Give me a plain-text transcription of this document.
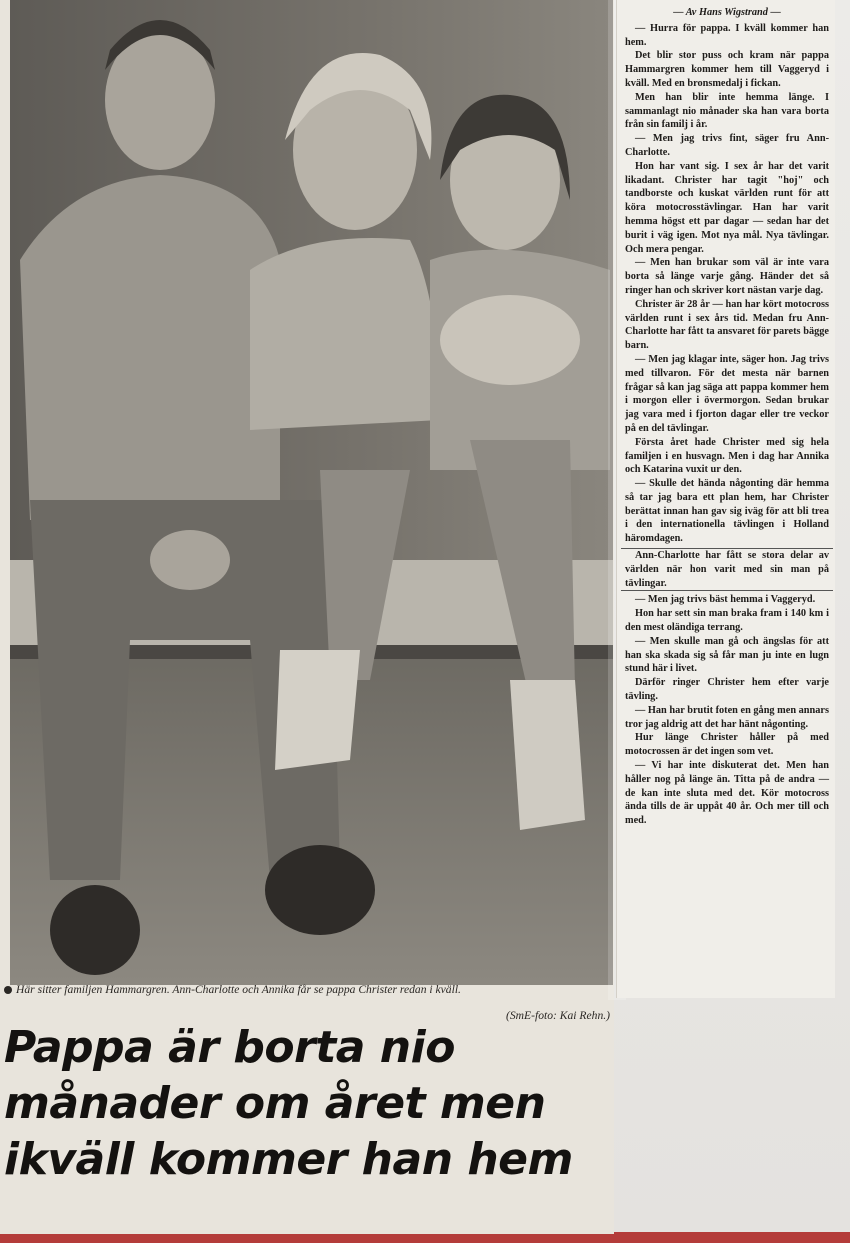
Här sitter familjen Hammargren. Ann-Charlotte och Annika får se pappa Christer redan i kväll.
(SmE-foto: Kai Rehn.)
Pappa är borta nio
månader om året men
ikväll kommer han hem

— Av Hans Wigstrand —

— Hurra för pappa. I kväll kommer han hem.

Det blir stor puss och kram när pappa Hammargren kommer hem till Vaggeryd i kväll. Med en bronsmedalj i fickan.

Men han blir inte hemma länge. I sammanlagt nio månader ska han vara borta från sin familj i år.

— Men jag trivs fint, säger fru Ann-Charlotte.

Hon har vant sig. I sex år har det varit likadant. Christer har tagit "hoj" och tandborste och kuskat världen runt för att köra motocrosstävlingar. Han har varit hemma högst ett par dagar — sedan har det burit i väg igen. Mot nya mål. Nya tävlingar. Och mera pengar.

— Men han brukar som väl är inte vara borta så länge varje gång. Händer det så ringer han och skriver kort nästan varje dag.

Christer är 28 år — han har kört motocross världen runt i sex års tid. Medan fru Ann-Charlotte har fått ta ansvaret för parets bägge barn.

— Men jag klagar inte, säger hon. Jag trivs med tillvaron. För det mesta när barnen frågar så kan jag säga att pappa kommer hem i morgon eller i övermorgon. Sedan brukar jag vara med i fjorton dagar eller tre veckor på en del tävlingar.

Första året hade Christer med sig hela familjen i en husvagn. Men i dag har Annika och Katarina vuxit ur den.

— Skulle det hända någonting där hemma så tar jag bara ett plan hem, har Christer berättat innan han gav sig iväg för att bli trea i den internationella tävlingen i Holland häromdagen.

Ann-Charlotte har fått se stora delar av världen när hon varit med sin man på tävlingar.

— Men jag trivs bäst hemma i Vaggeryd.

Hon har sett sin man braka fram i 140 km i den mest oländiga terrang.

— Men skulle man gå och ängslas för att han ska skada sig så får man ju inte en lugn stund här i livet.

Därför ringer Christer hem efter varje tävling.

— Han har brutit foten en gång men annars tror jag aldrig att det har hänt någonting.

Hur länge Christer håller på med motocrossen är det ingen som vet.

— Vi har inte diskuterat det. Men han håller nog på länge än. Titta på de andra — de kan inte sluta med det. Kör motocross ända tills de är uppåt 40 år. Och mer till och med.
